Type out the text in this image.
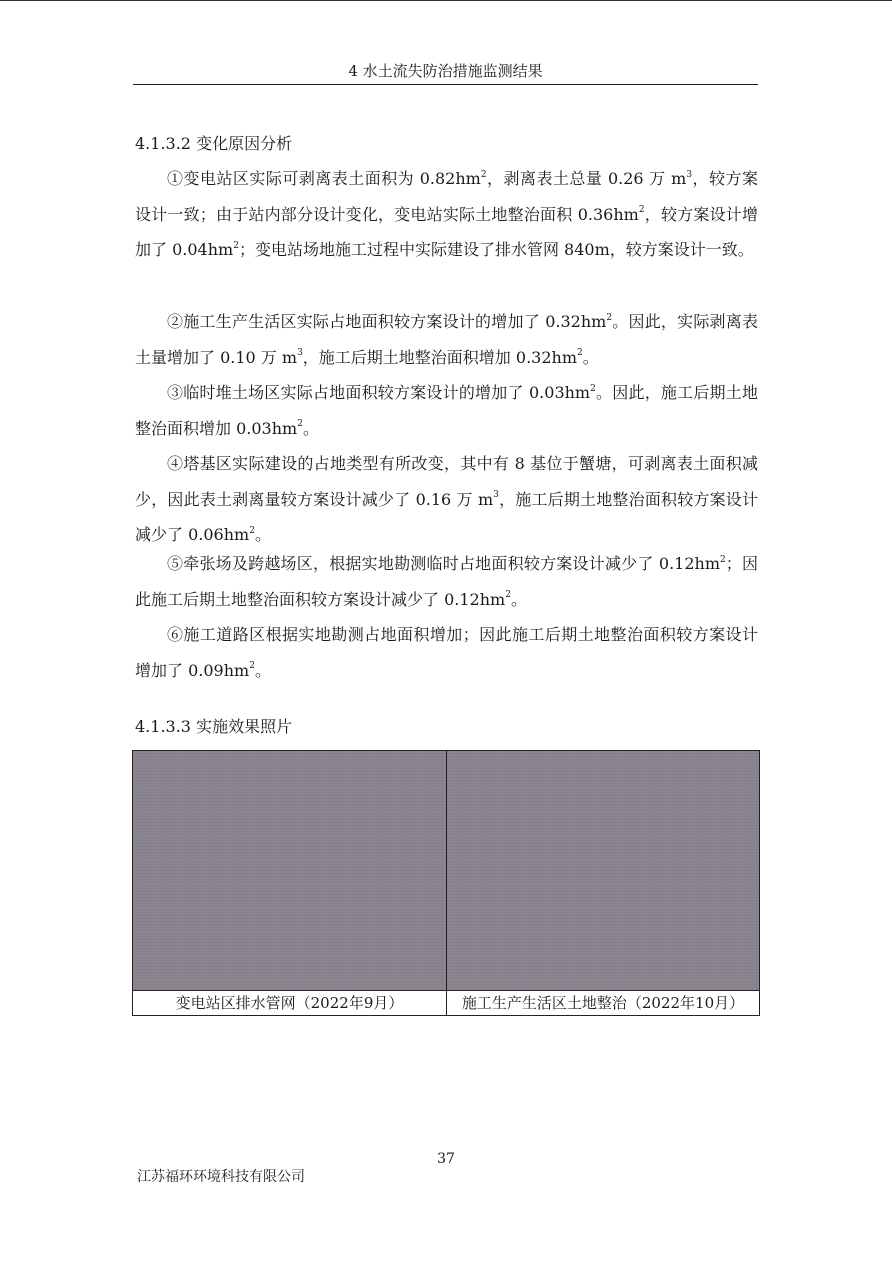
4 水土流失防治措施监测结果
4.1.3.2 变化原因分析

①变电站区实际可剥离表土面积为 $0.82hm^2$，剥离表土总量 0.26 万 $m^3$，较方案设计一致；由于站内部分设计变化，变电站实际土地整治面积 $0.36hm^2$，较方案设计增加了 $0.04hm^2$；变电站场地施工过程中实际建设了排水管网 840m，较方案设计一致。

②施工生产生活区实际占地面积较方案设计的增加了 $0.32hm^2$。因此，实际剥离表土量增加了 0.10 万 $m^3$，施工后期土地整治面积增加 $0.32hm^2$。

③临时堆土场区实际占地面积较方案设计的增加了 $0.03hm^2$。因此，施工后期土地整治面积增加 $0.03hm^2$。

④塔基区实际建设的占地类型有所改变，其中有 8 基位于蟹塘，可剥离表土面积减少，因此表土剥离量较方案设计减少了 0.16 万 $m^3$，施工后期土地整治面积较方案设计减少了 $0.06hm^2$。

⑤牵张场及跨越场区，根据实地勘测临时占地面积较方案设计减少了 $0.12hm^2$；因此施工后期土地整治面积较方案设计减少了 $0.12hm^2$。

⑥施工道路区根据实地勘测占地面积增加；因此施工后期土地整治面积较方案设计增加了 $0.09hm^2$。

4.1.3.3 实施效果照片
变电站区排水管网（2022年9月）	施工生产生活区土地整治（2022年10月）
37
江苏福环环境科技有限公司
